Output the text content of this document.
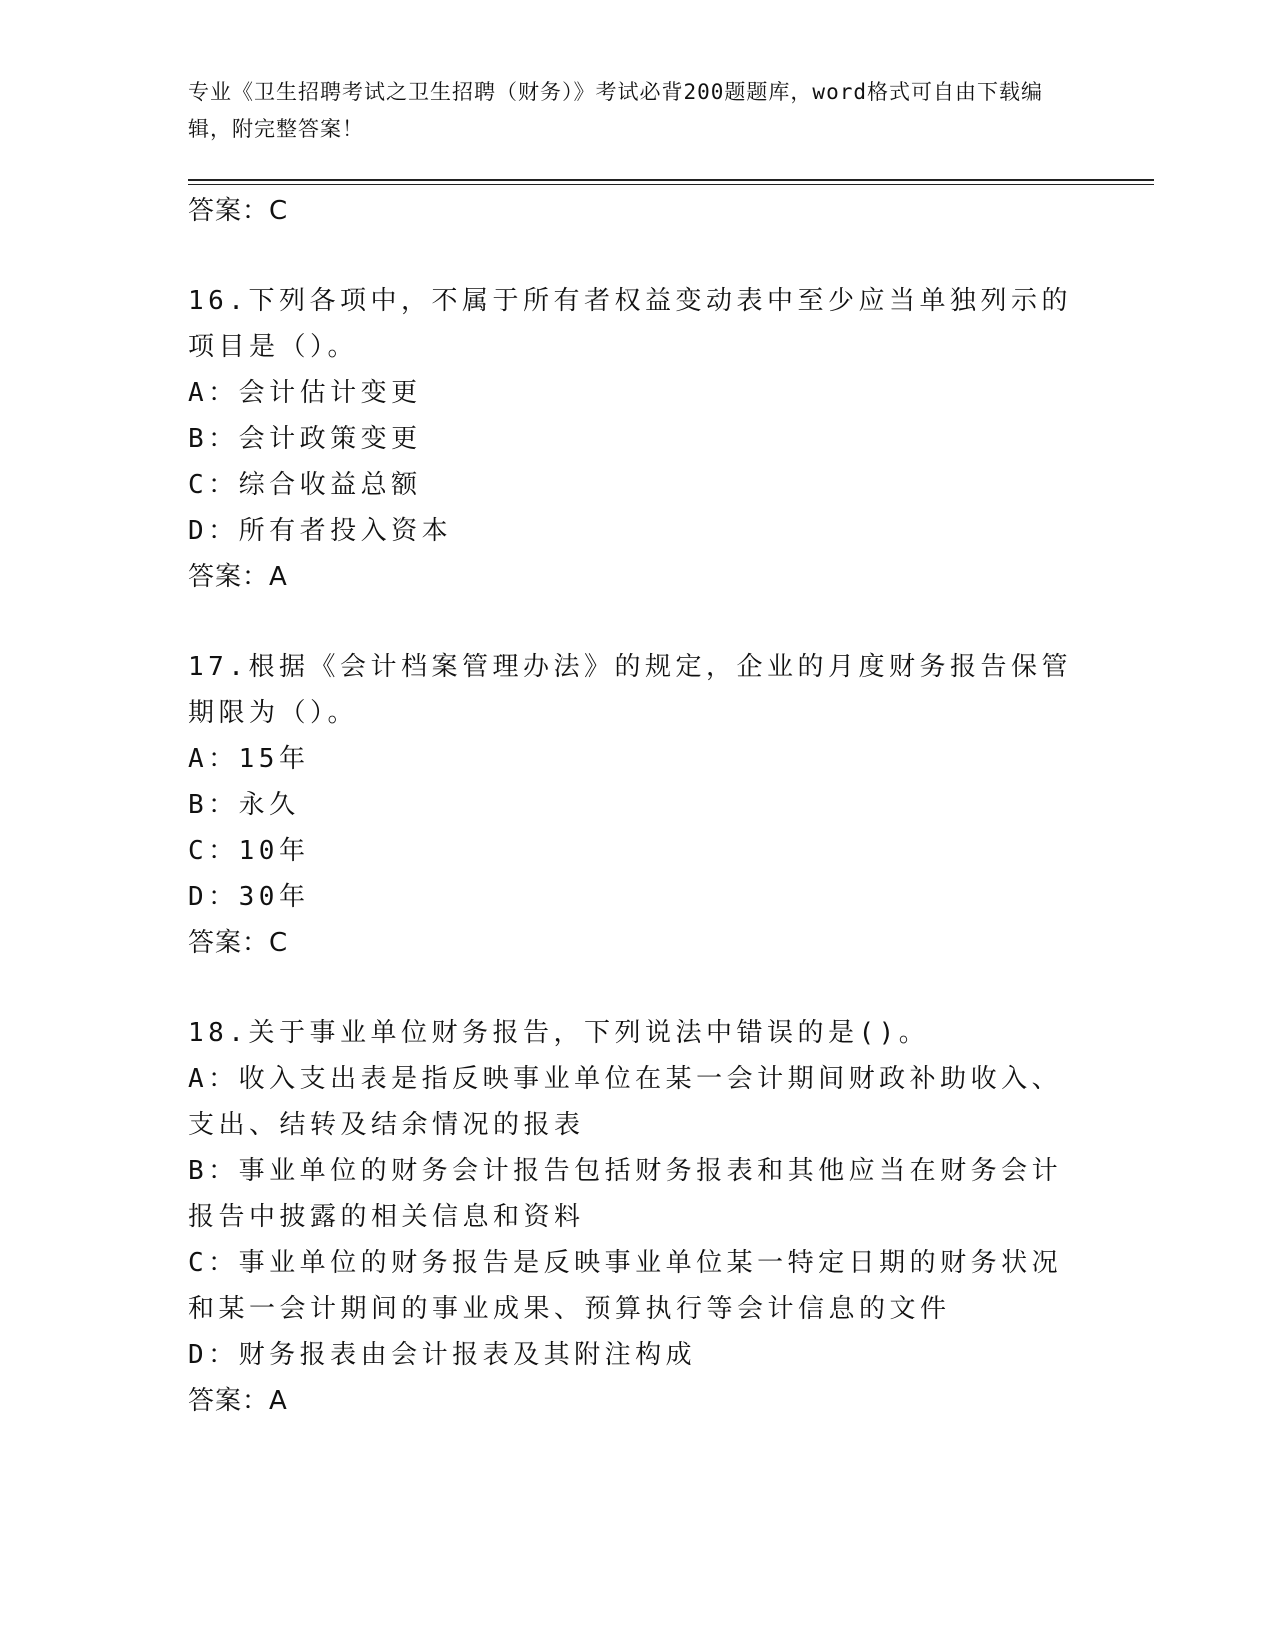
专业《卫生招聘考试之卫生招聘（财务）》考试必背200题题库，word格式可自由下载编辑，附完整答案！
答案：C
16.下列各项中，不属于所有者权益变动表中至少应当单独列示的项目是（）。
A：会计估计变更
B：会计政策变更
C：综合收益总额
D：所有者投入资本
答案：A
17.根据《会计档案管理办法》的规定，企业的月度财务报告保管期限为（）。
A：15年
B：永久
C：10年
D：30年
答案：C
18.关于事业单位财务报告，下列说法中错误的是()。
A：收入支出表是指反映事业单位在某一会计期间财政补助收入、支出、结转及结余情况的报表
B：事业单位的财务会计报告包括财务报表和其他应当在财务会计报告中披露的相关信息和资料
C：事业单位的财务报告是反映事业单位某一特定日期的财务状况和某一会计期间的事业成果、预算执行等会计信息的文件
D：财务报表由会计报表及其附注构成
答案：A
